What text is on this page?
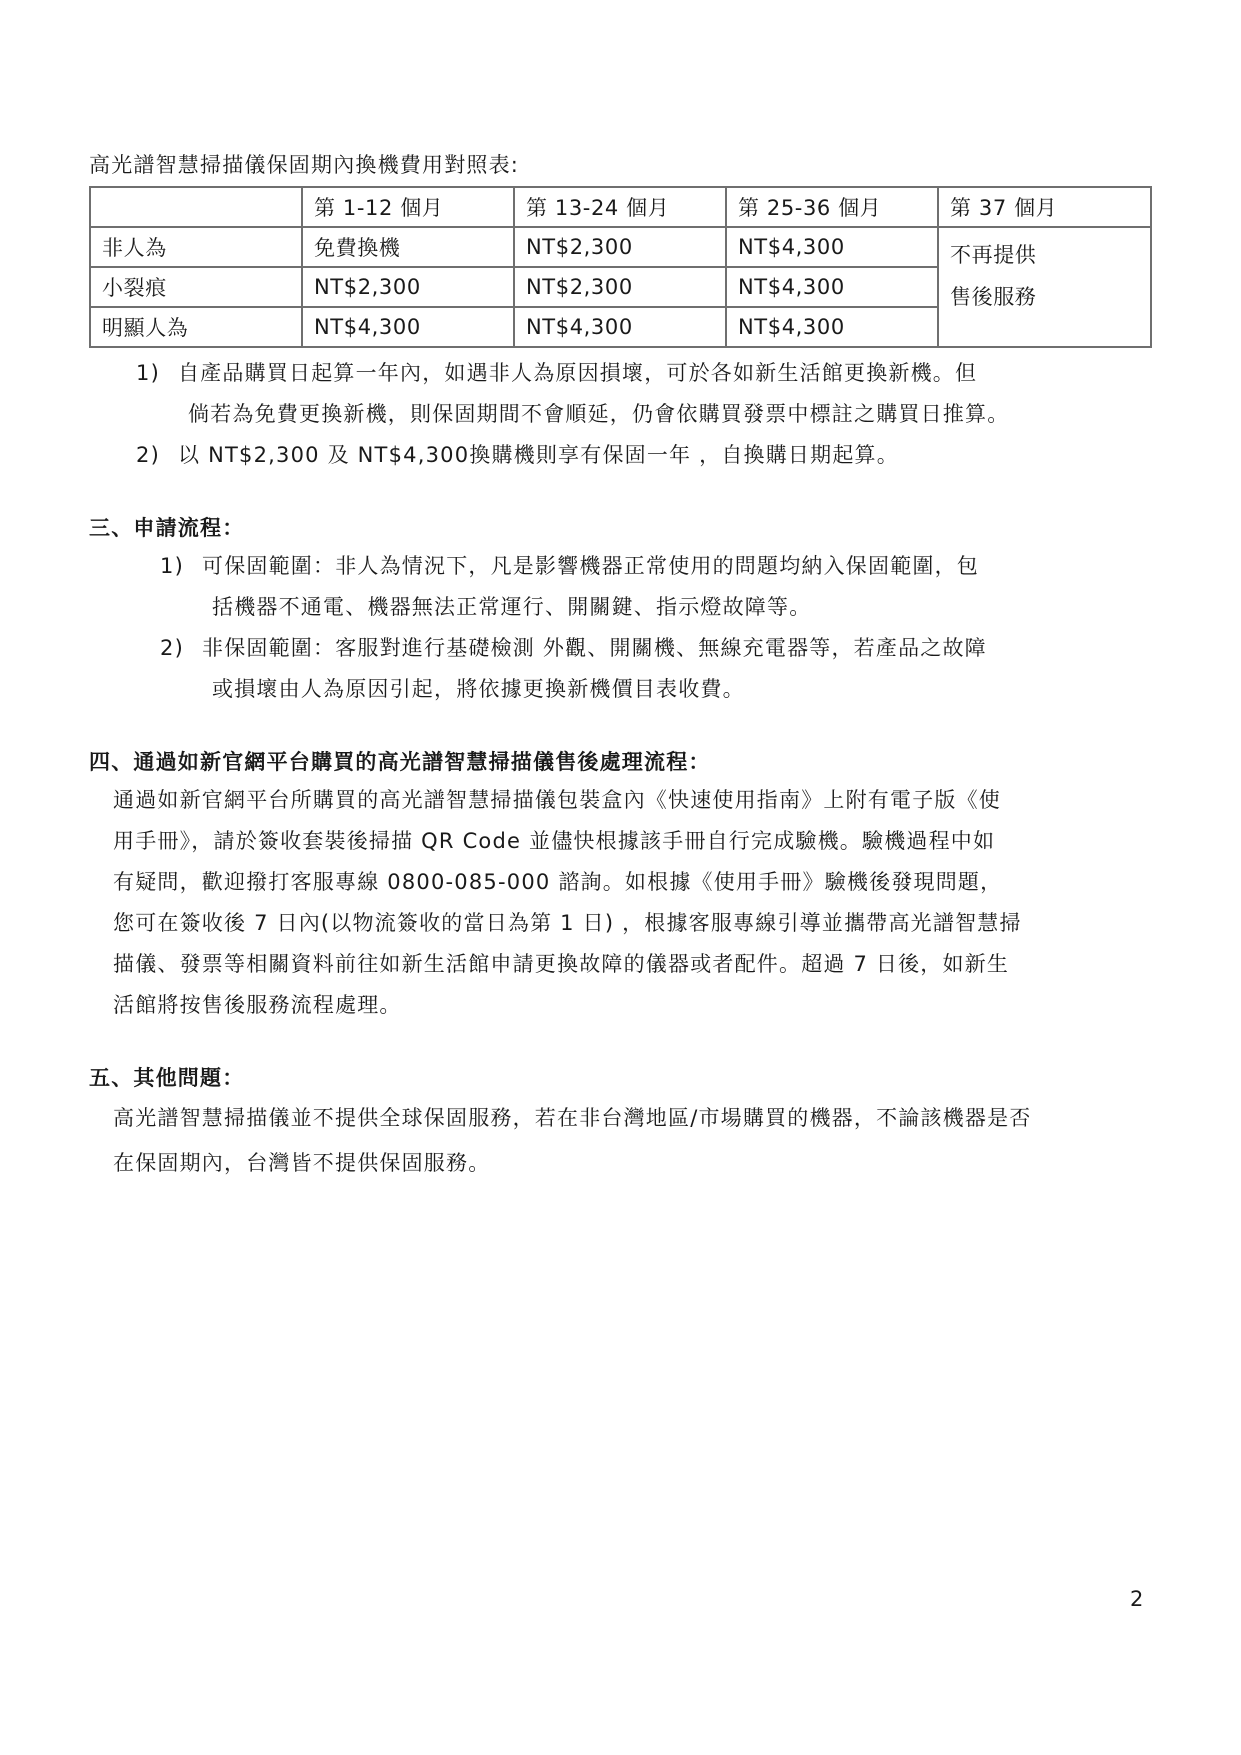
高光譜智慧掃描儀保固期內換機費用對照表:
	第 1-12 個月	第 13-24 個月	第 25-36 個月	第 37 個月
非人為	免費換機	NT$2,300	NT$4,300	不再提供
售後服務

小裂痕	NT$2,300	NT$2,300	NT$4,300	
明顯人為	NT$4,300	NT$4,300	NT$4,300	
1) 自產品購買日起算一年內，如遇非人為原因損壞，可於各如新生活館更換新機。但
倘若為免費更換新機，則保固期間不會順延，仍會依購買發票中標註之購買日推算。
2) 以 NT$2,300 及 NT$4,300換購機則享有保固一年 ，自換購日期起算。
三、申請流程：
1) 可保固範圍：非人為情況下，凡是影響機器正常使用的問題均納入保固範圍，包
括機器不通電、機器無法正常運行、開關鍵、指示燈故障等。
2) 非保固範圍：客服對進行基礎檢測 外觀、開關機、無線充電器等，若產品之故障
或損壞由人為原因引起，將依據更換新機價目表收費。
四、通過如新官網平台購買的高光譜智慧掃描儀售後處理流程：
通過如新官網平台所購買的高光譜智慧掃描儀包裝盒內《快速使用指南》上附有電子版《使
用手冊》，請於簽收套裝後掃描 QR Code 並儘快根據該手冊自行完成驗機。驗機過程中如
有疑問，歡迎撥打客服專線 0800-085-000 諮詢。如根據《使用手冊》驗機後發現問題，
您可在簽收後 7 日內(以物流簽收的當日為第 1 日) ，根據客服專線引導並攜帶高光譜智慧掃
描儀、發票等相關資料前往如新生活館申請更換故障的儀器或者配件。超過 7 日後，如新生
活館將按售後服務流程處理。
五、其他問題：
高光譜智慧掃描儀並不提供全球保固服務，若在非台灣地區/市場購買的機器，不論該機器是否
在保固期內，台灣皆不提供保固服務。
2
